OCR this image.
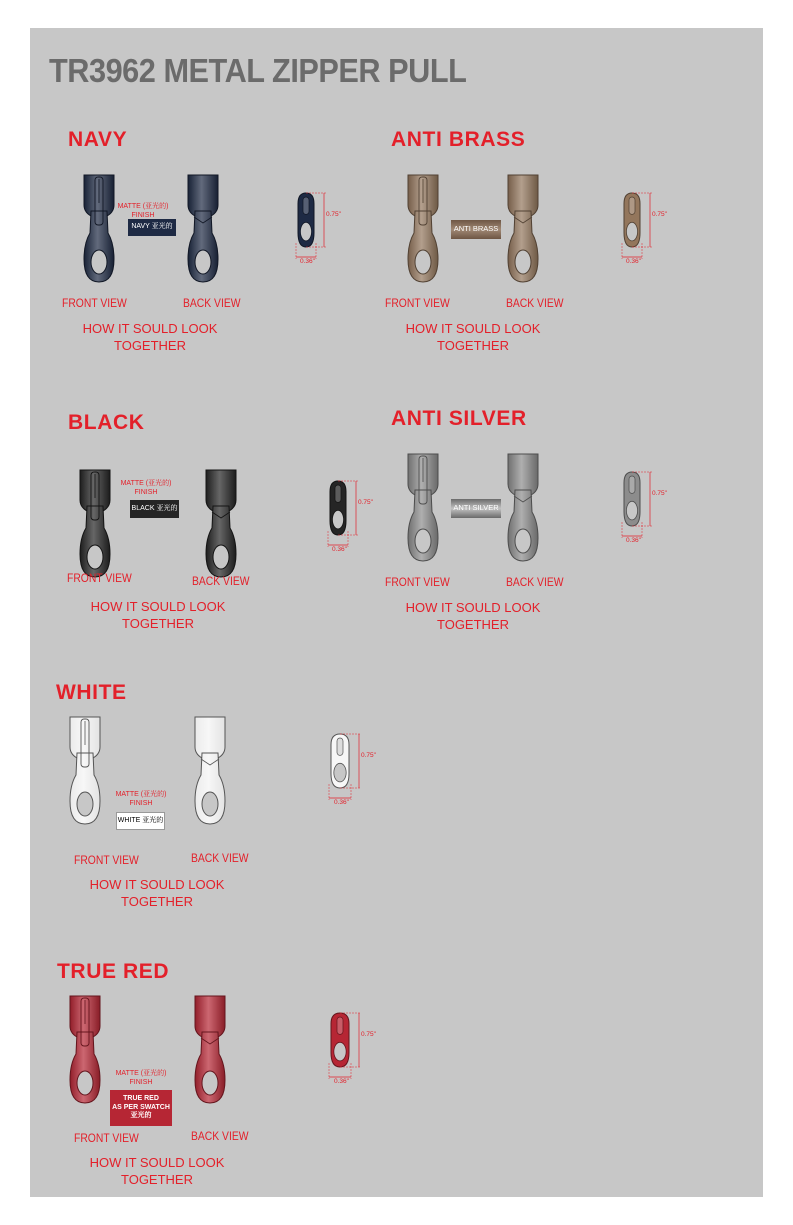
TR3962 METAL ZIPPER PULL
NAVY
MATTE (亚光的)
FINISH
NAVY 亚光的
0.75"
0.36"
FRONT VIEW	BACK VIEW
HOW IT SOULD LOOK
TOGETHER
ANTI BRASS
ANTI BRASS
0.75"
0.36"
FRONT VIEW	BACK VIEW
HOW IT SOULD LOOK
TOGETHER
BLACK
MATTE (亚光的)
FINISH
BLACK 亚光的
0.75"
0.36"
FRONT VIEW	BACK VIEW
HOW IT SOULD LOOK
TOGETHER
ANTI SILVER
ANTI SILVER
0.75"
0.36"
FRONT VIEW	BACK VIEW
HOW IT SOULD LOOK
TOGETHER
WHITE
MATTE (亚光的)
FINISH
WHITE 亚光的
0.75"
0.36"
FRONT VIEW	BACK VIEW
HOW IT SOULD LOOK
TOGETHER
TRUE RED
MATTE (亚光的)
FINISH
TRUE RED
AS PER SWATCH
亚光的
0.75"
0.36"
FRONT VIEW	BACK VIEW
HOW IT SOULD LOOK
TOGETHER
